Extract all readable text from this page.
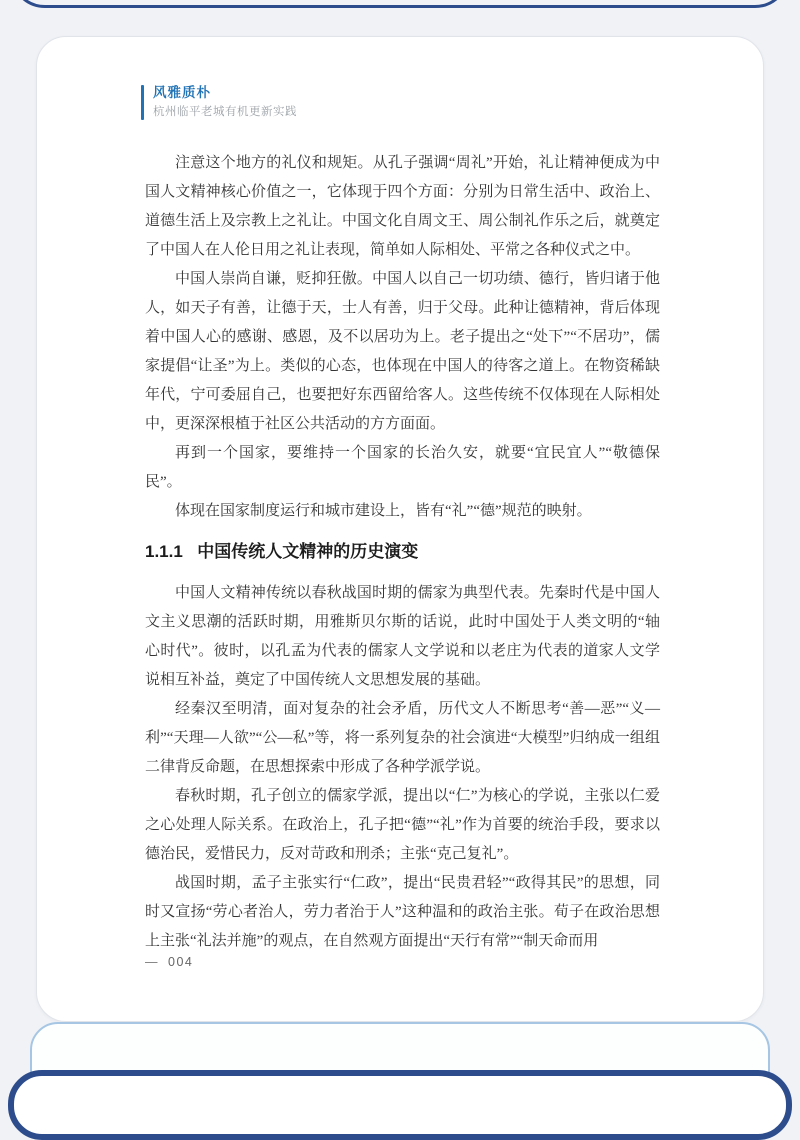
风雅质朴
杭州临平老城有机更新实践

注意这个地方的礼仪和规矩。从孔子强调“周礼”开始，礼让精神便成为中国人文精神核心价值之一，它体现于四个方面：分别为日常生活中、政治上、道德生活上及宗教上之礼让。中国文化自周文王、周公制礼作乐之后，就奠定了中国人在人伦日用之礼让表现，简单如人际相处、平常之各种仪式之中。

中国人崇尚自谦，贬抑狂傲。中国人以自己一切功绩、德行，皆归诸于他人，如天子有善，让德于天，士人有善，归于父母。此种让德精神，背后体现着中国人心的感谢、感恩，及不以居功为上。老子提出之“处下”“不居功”，儒家提倡“让圣”为上。类似的心态，也体现在中国人的待客之道上。在物资稀缺年代，宁可委屈自己，也要把好东西留给客人。这些传统不仅体现在人际相处中，更深深根植于社区公共活动的方方面面。

再到一个国家，要维持一个国家的长治久安，就要“宜民宜人”“敬德保民”。

体现在国家制度运行和城市建设上，皆有“礼”“德”规范的映射。

1.1.1 中国传统人文精神的历史演变

中国人文精神传统以春秋战国时期的儒家为典型代表。先秦时代是中国人文主义思潮的活跃时期，用雅斯贝尔斯的话说，此时中国处于人类文明的“轴心时代”。彼时，以孔孟为代表的儒家人文学说和以老庄为代表的道家人文学说相互补益，奠定了中国传统人文思想发展的基础。

经秦汉至明清，面对复杂的社会矛盾，历代文人不断思考“善—恶”“义—利”“天理—人欲”“公—私”等，将一系列复杂的社会演进“大模型”归纳成一组组二律背反命题，在思想探索中形成了各种学派学说。

春秋时期，孔子创立的儒家学派，提出以“仁”为核心的学说，主张以仁爱之心处理人际关系。在政治上，孔子把“德”“礼”作为首要的统治手段，要求以德治民，爱惜民力，反对苛政和刑杀；主张“克己复礼”。

战国时期，孟子主张实行“仁政”，提出“民贵君轻”“政得其民”的思想，同时又宣扬“劳心者治人，劳力者治于人”这种温和的政治主张。荀子在政治思想上主张“礼法并施”的观点，在自然观方面提出“天行有常”“制天命而用

— 004
